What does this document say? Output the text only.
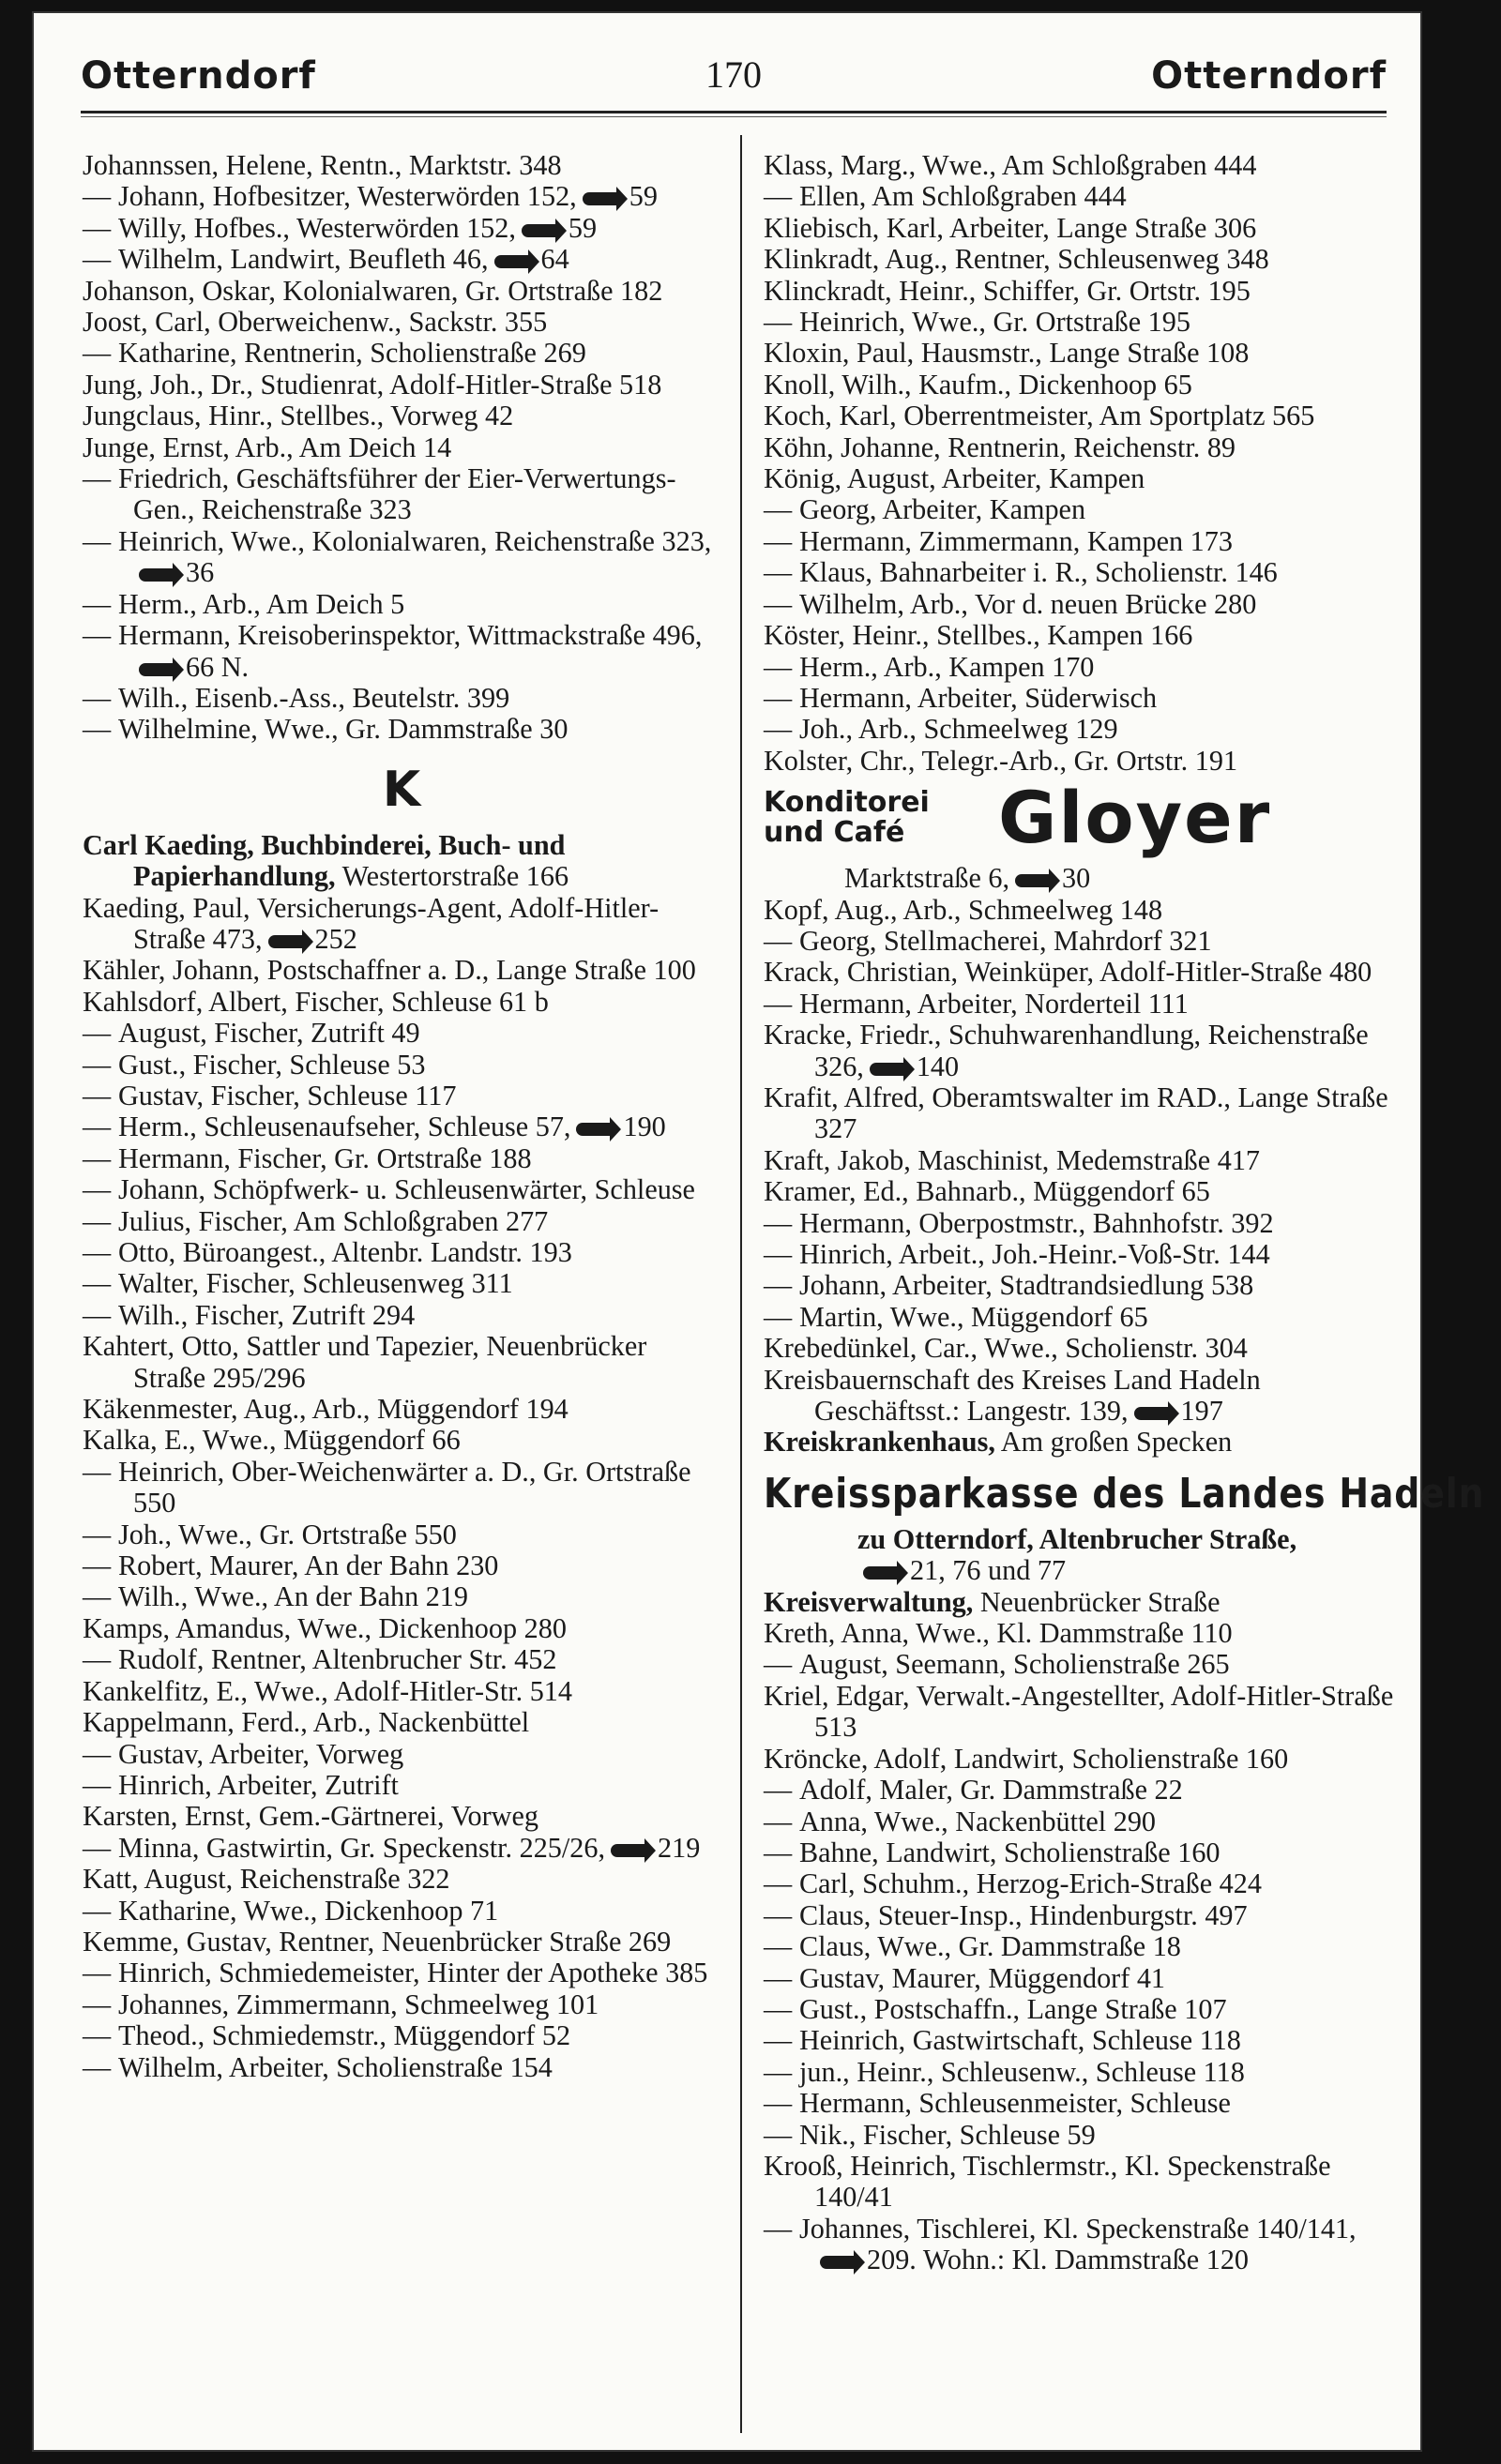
Otterndorf	170	Otterndorf
Johannssen, Helene, Rentn., Marktstr. 348
— Johann, Hofbesitzer, Westerwörden 152, 59
— Willy, Hofbes., Westerwörden 152, 59
— Wilhelm, Landwirt, Beufleth 46, 64
Johanson, Oskar, Kolonialwaren, Gr. Ortstraße 182
Joost, Carl, Oberweichenw., Sackstr. 355
— Katharine, Rentnerin, Scholienstraße 269
Jung, Joh., Dr., Studienrat, Adolf-Hitler-Straße 518
Jungclaus, Hinr., Stellbes., Vorweg 42
Junge, Ernst, Arb., Am Deich 14
— Friedrich, Geschäftsführer der Eier-Verwertungs-Gen., Reichenstraße 323
— Heinrich, Wwe., Kolonialwaren, Reichenstraße 323,36
— Herm., Arb., Am Deich 5
— Hermann, Kreisoberinspektor, Wittmackstraße 496,66 N.
— Wilh., Eisenb.-Ass., Beutelstr. 399
— Wilhelmine, Wwe., Gr. Dammstraße 30
K
Carl Kaeding, Buchbinderei, Buch- und Papierhandlung, Westertorstraße 166
Kaeding, Paul, Versicherungs-Agent, Adolf-Hitler-Straße 473, 252
Kähler, Johann, Postschaffner a. D., Lange Straße 100
Kahlsdorf, Albert, Fischer, Schleuse 61 b
— August, Fischer, Zutrift 49
— Gust., Fischer, Schleuse 53
— Gustav, Fischer, Schleuse 117
— Herm., Schleusenaufseher, Schleuse 57, 190
— Hermann, Fischer, Gr. Ortstraße 188
— Johann, Schöpfwerk- u. Schleusenwärter, Schleuse
— Julius, Fischer, Am Schloßgraben 277
— Otto, Büroangest., Altenbr. Landstr. 193
— Walter, Fischer, Schleusenweg 311
— Wilh., Fischer, Zutrift 294
Kahtert, Otto, Sattler und Tapezier, Neuenbrücker Straße 295/296
Käkenmester, Aug., Arb., Müggendorf 194
Kalka, E., Wwe., Müggendorf 66
— Heinrich, Ober-Weichenwärter a. D., Gr. Ortstraße 550
— Joh., Wwe., Gr. Ortstraße 550
— Robert, Maurer, An der Bahn 230
— Wilh., Wwe., An der Bahn 219
Kamps, Amandus, Wwe., Dickenhoop 280
— Rudolf, Rentner, Altenbrucher Str. 452
Kankelfitz, E., Wwe., Adolf-Hitler-Str. 514
Kappelmann, Ferd., Arb., Nackenbüttel
— Gustav, Arbeiter, Vorweg
— Hinrich, Arbeiter, Zutrift
Karsten, Ernst, Gem.-Gärtnerei, Vorweg
— Minna, Gastwirtin, Gr. Speckenstr. 225/26, 219
Katt, August, Reichenstraße 322
— Katharine, Wwe., Dickenhoop 71
Kemme, Gustav, Rentner, Neuenbrücker Straße 269
— Hinrich, Schmiedemeister, Hinter der Apotheke 385
— Johannes, Zimmermann, Schmeelweg 101
— Theod., Schmiedemstr., Müggendorf 52
— Wilhelm, Arbeiter, Scholienstraße 154
Klass, Marg., Wwe., Am Schloßgraben 444
— Ellen, Am Schloßgraben 444
Kliebisch, Karl, Arbeiter, Lange Straße 306
Klinkradt, Aug., Rentner, Schleusenweg 348
Klinckradt, Heinr., Schiffer, Gr. Ortstr. 195
— Heinrich, Wwe., Gr. Ortstraße 195
Kloxin, Paul, Hausmstr., Lange Straße 108
Knoll, Wilh., Kaufm., Dickenhoop 65
Koch, Karl, Oberrentmeister, Am Sportplatz 565
Köhn, Johanne, Rentnerin, Reichenstr. 89
König, August, Arbeiter, Kampen
— Georg, Arbeiter, Kampen
— Hermann, Zimmermann, Kampen 173
— Klaus, Bahnarbeiter i. R., Scholienstr. 146
— Wilhelm, Arb., Vor d. neuen Brücke 280
Köster, Heinr., Stellbes., Kampen 166
— Herm., Arb., Kampen 170
— Hermann, Arbeiter, Süderwisch
— Joh., Arb., Schmeelweg 129
Kolster, Chr., Telegr.-Arb., Gr. Ortstr. 191
Konditorei
und Café	Gloyer
Marktstraße 6, 30
Kopf, Aug., Arb., Schmeelweg 148
— Georg, Stellmacherei, Mahrdorf 321
Krack, Christian, Weinküper, Adolf-Hitler-Straße 480
— Hermann, Arbeiter, Norderteil 111
Kracke, Friedr., Schuhwarenhandlung, Reichenstraße 326, 140
Krafit, Alfred, Oberamtswalter im RAD., Lange Straße 327
Kraft, Jakob, Maschinist, Medemstraße 417
Kramer, Ed., Bahnarb., Müggendorf 65
— Hermann, Oberpostmstr., Bahnhofstr. 392
— Hinrich, Arbeit., Joh.-Heinr.-Voß-Str. 144
— Johann, Arbeiter, Stadtrandsiedlung 538
— Martin, Wwe., Müggendorf 65
Krebedünkel, Car., Wwe., Scholienstr. 304
Kreisbauernschaft des Kreises Land Hadeln Geschäftsst.: Langestr. 139, 197
Kreiskrankenhaus, Am großen Specken
Kreissparkasse des Landes Hadeln
zu Otterndorf, Altenbrucher Straße,
21, 76 und 77
Kreisverwaltung, Neuenbrücker Straße
Kreth, Anna, Wwe., Kl. Dammstraße 110
— August, Seemann, Scholienstraße 265
Kriel, Edgar, Verwalt.-Angestellter, Adolf-Hitler-Straße 513
Kröncke, Adolf, Landwirt, Scholienstraße 160
— Adolf, Maler, Gr. Dammstraße 22
— Anna, Wwe., Nackenbüttel 290
— Bahne, Landwirt, Scholienstraße 160
— Carl, Schuhm., Herzog-Erich-Straße 424
— Claus, Steuer-Insp., Hindenburgstr. 497
— Claus, Wwe., Gr. Dammstraße 18
— Gustav, Maurer, Müggendorf 41
— Gust., Postschaffn., Lange Straße 107
— Heinrich, Gastwirtschaft, Schleuse 118
— jun., Heinr., Schleusenw., Schleuse 118
— Hermann, Schleusenmeister, Schleuse
— Nik., Fischer, Schleuse 59
Krooß, Heinrich, Tischlermstr., Kl. Speckenstraße 140/41
— Johannes, Tischlerei, Kl. Speckenstraße 140/141,209. Wohn.: Kl. Dammstraße 120
